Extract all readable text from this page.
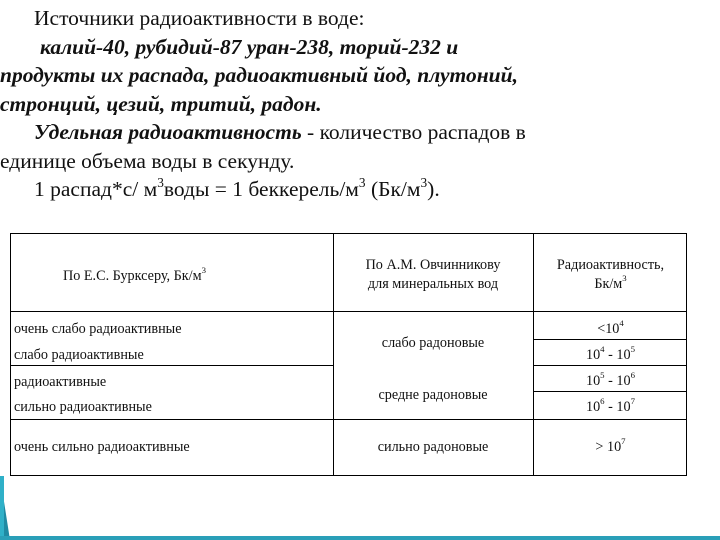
Источники радиоактивности в воде:
калий-40, рубидий-87 уран-238, торий-232 и
продукты их распада, радиоактивный йод, плутоний,
стронций, цезий, тритий, радон.
Удельная радиоактивность - количество распадов в
единице объема воды в секунду.
1 распад*с/ $м^3воды = 1$ беккерель/$м^3$ $(Бк/м^3)$.
По Е.С. Бурксеру, $Бк/м^3$	По А.М. Овчинникову
для минеральных вод
Радиоактивность,
$Бк/м^3$
очень слабо радиоактивные
слабо радиоактивные
радиоактивные
сильно радиоактивные
очень сильно радиоактивные
слабо радоновые
средне радоновые
сильно радоновые
$<10^4$
$10^4 - 10^5$
$10^5 - 10^6$
$10^6 - 10^7$
> $10^7$
